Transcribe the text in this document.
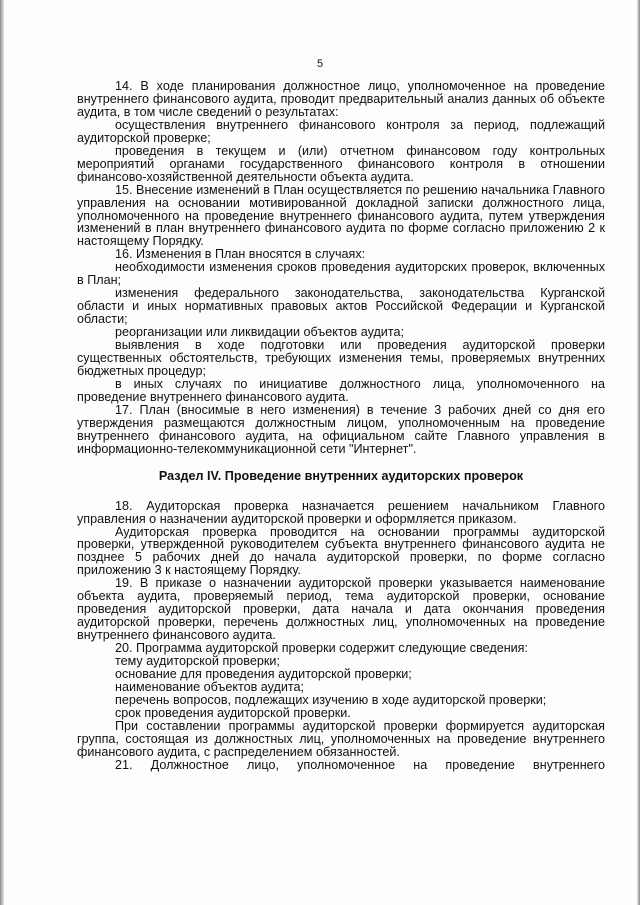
5

14. В ходе планирования должностное лицо, уполномоченное на проведение внутреннего финансового аудита, проводит предварительный анализ данных об объекте аудита, в том числе сведений о результатах:

осуществления внутреннего финансового контроля за период, подлежащий аудиторской проверке;

проведения в текущем и (или) отчетном финансовом году контрольных мероприятий органами государственного финансового контроля в отношении финансово-хозяйственной деятельности объекта аудита.

15. Внесение изменений в План осуществляется по решению начальника Главного управления на основании мотивированной докладной записки должностного лица, уполномоченного на проведение внутреннего финансового аудита, путем утверждения изменений в план внутреннего финансового аудита по форме согласно приложению 2 к настоящему Порядку.

16. Изменения в План вносятся в случаях:

необходимости изменения сроков проведения аудиторских проверок, включенных в План;

изменения федерального законодательства, законодательства Курганской области и иных нормативных правовых актов Российской Федерации и Курганской области;

реорганизации или ликвидации объектов аудита;

выявления в ходе подготовки или проведения аудиторской проверки существенных обстоятельств, требующих изменения темы, проверяемых внутренних бюджетных процедур;

в иных случаях по инициативе должностного лица, уполномоченного на проведение внутреннего финансового аудита.

17. План (вносимые в него изменения) в течение 3 рабочих дней со дня его утверждения размещаются должностным лицом, уполномоченным на проведение внутреннего финансового аудита, на официальном сайте Главного управления в информационно-телекоммуникационной сети "Интернет".

Раздел IV. Проведение внутренних аудиторских проверок

18. Аудиторская проверка назначается решением начальником Главного управления о назначении аудиторской проверки и оформляется приказом.

Аудиторская проверка проводится на основании программы аудиторской проверки, утвержденной руководителем субъекта внутреннего финансового аудита не позднее 5 рабочих дней до начала аудиторской проверки, по форме согласно приложению 3 к настоящему Порядку.

19. В приказе о назначении аудиторской проверки указывается наименование объекта аудита, проверяемый период, тема аудиторской проверки, основание проведения аудиторской проверки, дата начала и дата окончания проведения аудиторской проверки, перечень должностных лиц, уполномоченных на проведение внутреннего финансового аудита.

20. Программа аудиторской проверки содержит следующие сведения:

тему аудиторской проверки;

основание для проведения аудиторской проверки;

наименование объектов аудита;

перечень вопросов, подлежащих изучению в ходе аудиторской проверки;

срок проведения аудиторской проверки.

При составлении программы аудиторской проверки формируется аудиторская группа, состоящая из должностных лиц, уполномоченных на проведение внутреннего финансового аудита, с распределением обязанностей.

21. Должностное лицо, уполномоченное на проведение внутреннего
